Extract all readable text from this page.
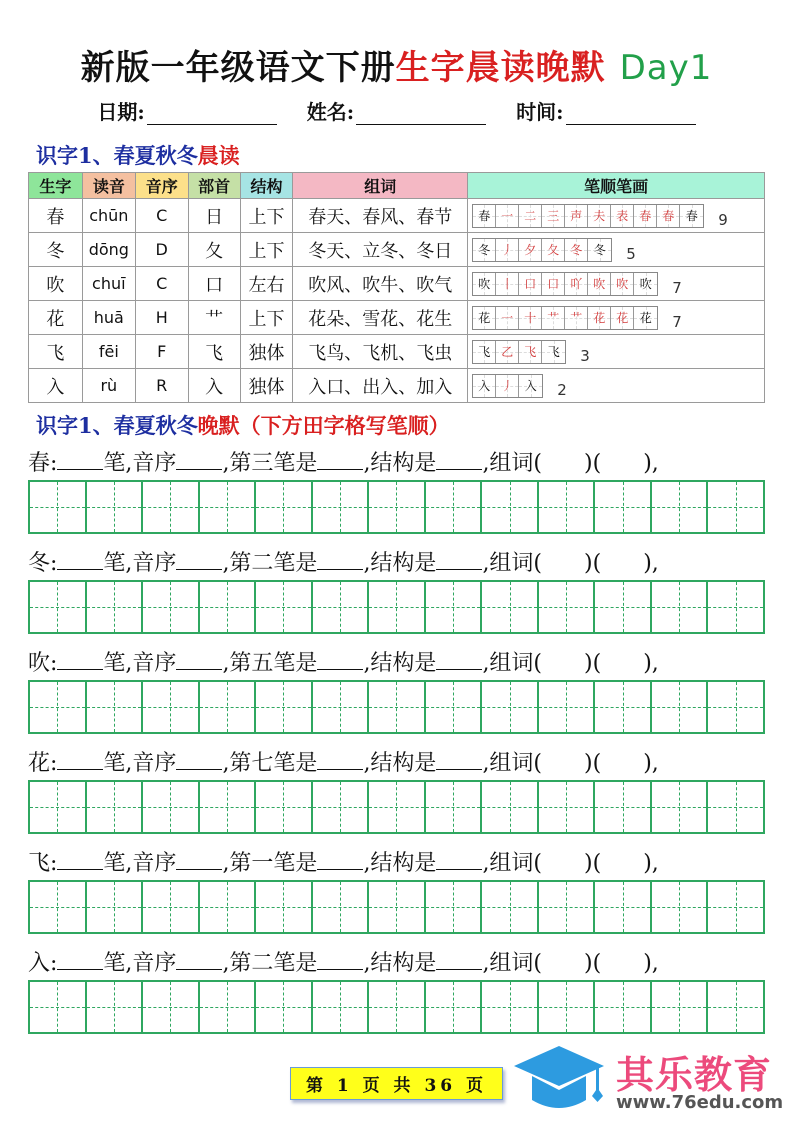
新版一年级语文下册生字晨读晚默 Day1
日期:	姓名:	时间:
识字1、春夏秋冬晨读
生字	读音	音序	部首	结构	组词	笔顺笔画
春	chūn	C	日	上下	春天、春风、春节	春 一 二 三 声 夫 表 春 春 春 9
冬	dōng	D	夂	上下	冬天、立冬、冬日	冬 丿 夕 夂 冬 冬 5
吹	chuī	C	口	左右	吹风、吹牛、吹气	吹 丨 口 口 吖 吹 吹 吹 7
花	huā	H	艹	上下	花朵、雪花、花生	花 一 十 艹 艹 花 花 花 7
飞	fēi	F	飞	独体	飞鸟、飞机、飞虫	飞 乙 飞 飞 3
入	rù	R	入	独体	入口、出入、加入	入 丿 入 2
识字1、春夏秋冬晚默（下方田字格写笔顺）
春: 笔,音序 ,第三笔是 ,结构是 ,组词( )( ),
冬: 笔,音序 ,第二笔是 ,结构是 ,组词( )( ),
吹: 笔,音序 ,第五笔是 ,结构是 ,组词( )( ),
花: 笔,音序 ,第七笔是 ,结构是 ,组词( )( ),
飞: 笔,音序 ,第一笔是 ,结构是 ,组词( )( ),
入: 笔,音序 ,第二笔是 ,结构是 ,组词( )( ),
第 1 页 共 36 页	其乐教育
www.76edu.com
